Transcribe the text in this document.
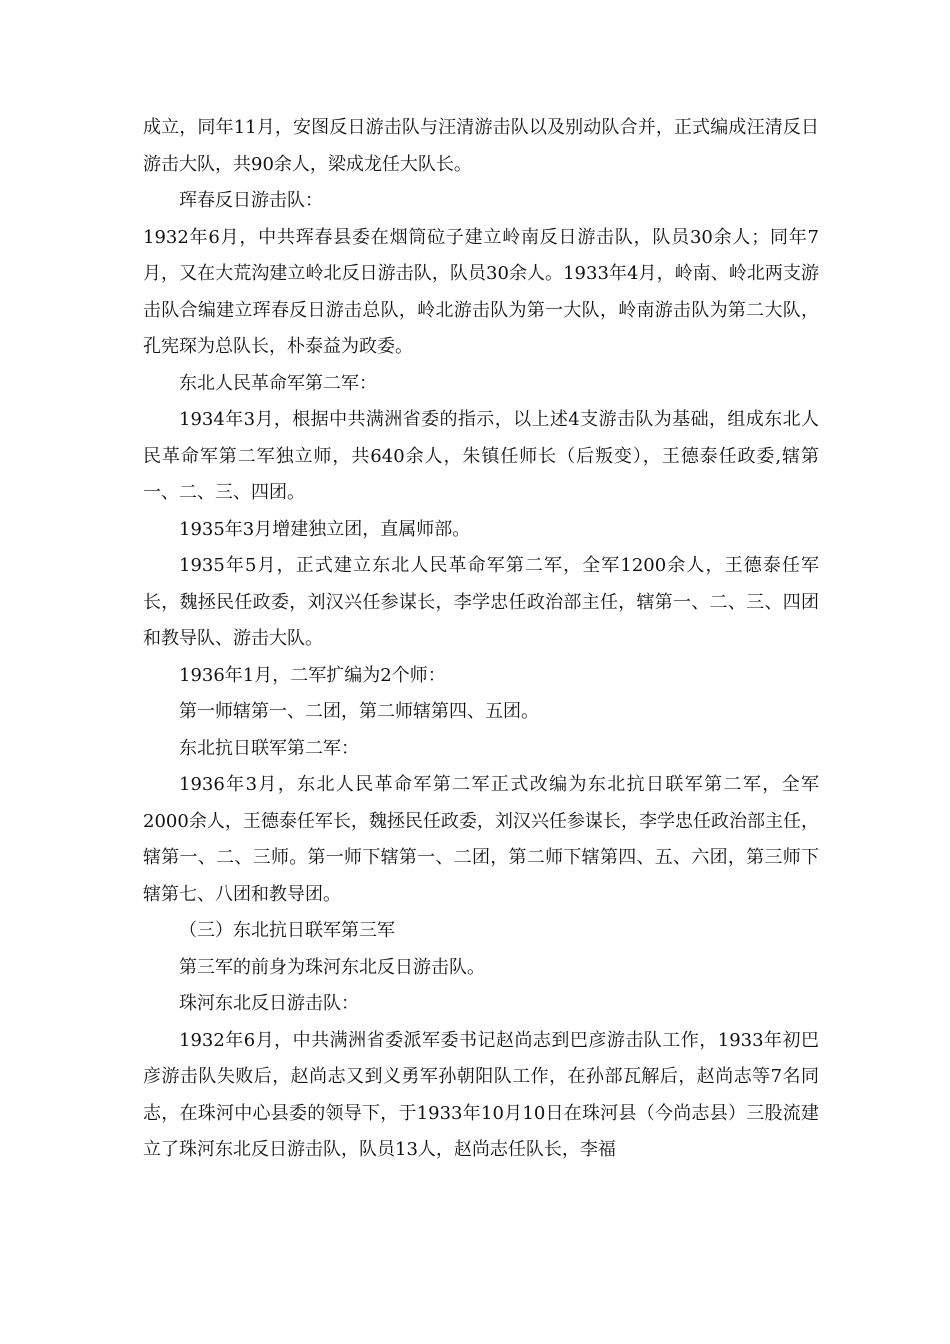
成立，同年11月，安图反日游击队与汪清游击队以及别动队合并，正式编成汪清反日游击大队，共90余人，梁成龙任大队长。

珲春反日游击队：

1932年6月，中共珲春县委在烟筒砬子建立岭南反日游击队，队员30余人；同年7月，又在大荒沟建立岭北反日游击队，队员30余人。1933年4月，岭南、岭北两支游击队合编建立珲春反日游击总队，岭北游击队为第一大队，岭南游击队为第二大队，孔宪琛为总队长，朴泰益为政委。

东北人民革命军第二军：

1934年3月，根据中共满洲省委的指示，以上述4支游击队为基础，组成东北人民革命军第二军独立师，共640余人，朱镇任师长（后叛变），王德泰任政委,辖第一、二、三、四团。

1935年3月增建独立团，直属师部。

1935年5月，正式建立东北人民革命军第二军，全军1200余人，王德泰任军长，魏拯民任政委，刘汉兴任参谋长，李学忠任政治部主任，辖第一、二、三、四团和教导队、游击大队。

1936年1月，二军扩编为2个师：

第一师辖第一、二团，第二师辖第四、五团。

东北抗日联军第二军：

1936年3月，东北人民革命军第二军正式改编为东北抗日联军第二军，全军2000余人，王德泰任军长，魏拯民任政委，刘汉兴任参谋长，李学忠任政治部主任，辖第一、二、三师。第一师下辖第一、二团，第二师下辖第四、五、六团，第三师下辖第七、八团和教导团。

（三）东北抗日联军第三军

第三军的前身为珠河东北反日游击队。

珠河东北反日游击队：

1932年6月，中共满洲省委派军委书记赵尚志到巴彦游击队工作，1933年初巴彦游击队失败后，赵尚志又到义勇军孙朝阳队工作，在孙部瓦解后，赵尚志等7名同志，在珠河中心县委的领导下，于1933年10月10日在珠河县（今尚志县）三股流建立了珠河东北反日游击队，队员13人，赵尚志任队长，李福
